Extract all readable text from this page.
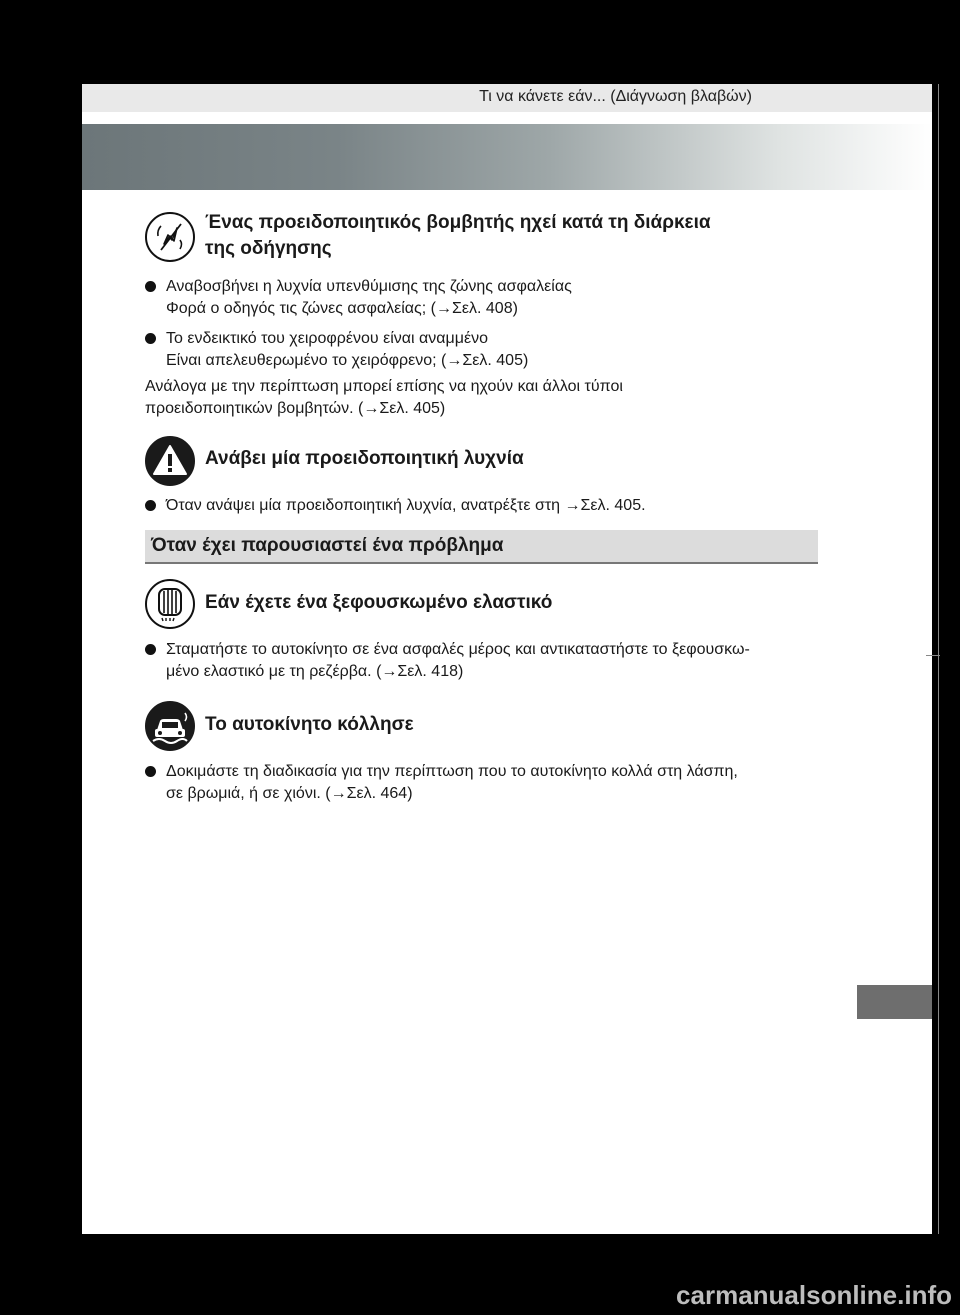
Τι να κάνετε εάν... (Διάγνωση βλαβών)
Ένας προειδοποιητικός βομβητής ηχεί κατά τη διάρκεια
της οδήγησης
Αναβοσβήνει η λυχνία υπενθύμισης της ζώνης ασφαλείας
Φορά ο οδηγός τις ζώνες ασφαλείας; (→Σελ. 408)
Το ενδεικτικό του χειροφρένου είναι αναμμένο
Είναι απελευθερωμένο το χειρόφρενο; (→Σελ. 405)
Ανάλογα με την περίπτωση μπορεί επίσης να ηχούν και άλλοι τύποι
προειδοποιητικών βομβητών. (→Σελ. 405)
Ανάβει μία προειδοποιητική λυχνία
Όταν ανάψει μία προειδοποιητική λυχνία, ανατρέξτε στη →Σελ. 405.
Όταν έχει παρουσιαστεί ένα πρόβλημα
Εάν έχετε ένα ξεφουσκωμένο ελαστικό
Σταματήστε το αυτοκίνητο σε ένα ασφαλές μέρος και αντικαταστήστε το ξεφουσκω-
μένο ελαστικό με τη ρεζέρβα. (→Σελ. 418)
Το αυτοκίνητο κόλλησε
Δοκιμάστε τη διαδικασία για την περίπτωση που το αυτοκίνητο κολλά στη λάσπη,
σε βρωμιά, ή σε χιόνι. (→Σελ. 464)
carmanualsonline.info
